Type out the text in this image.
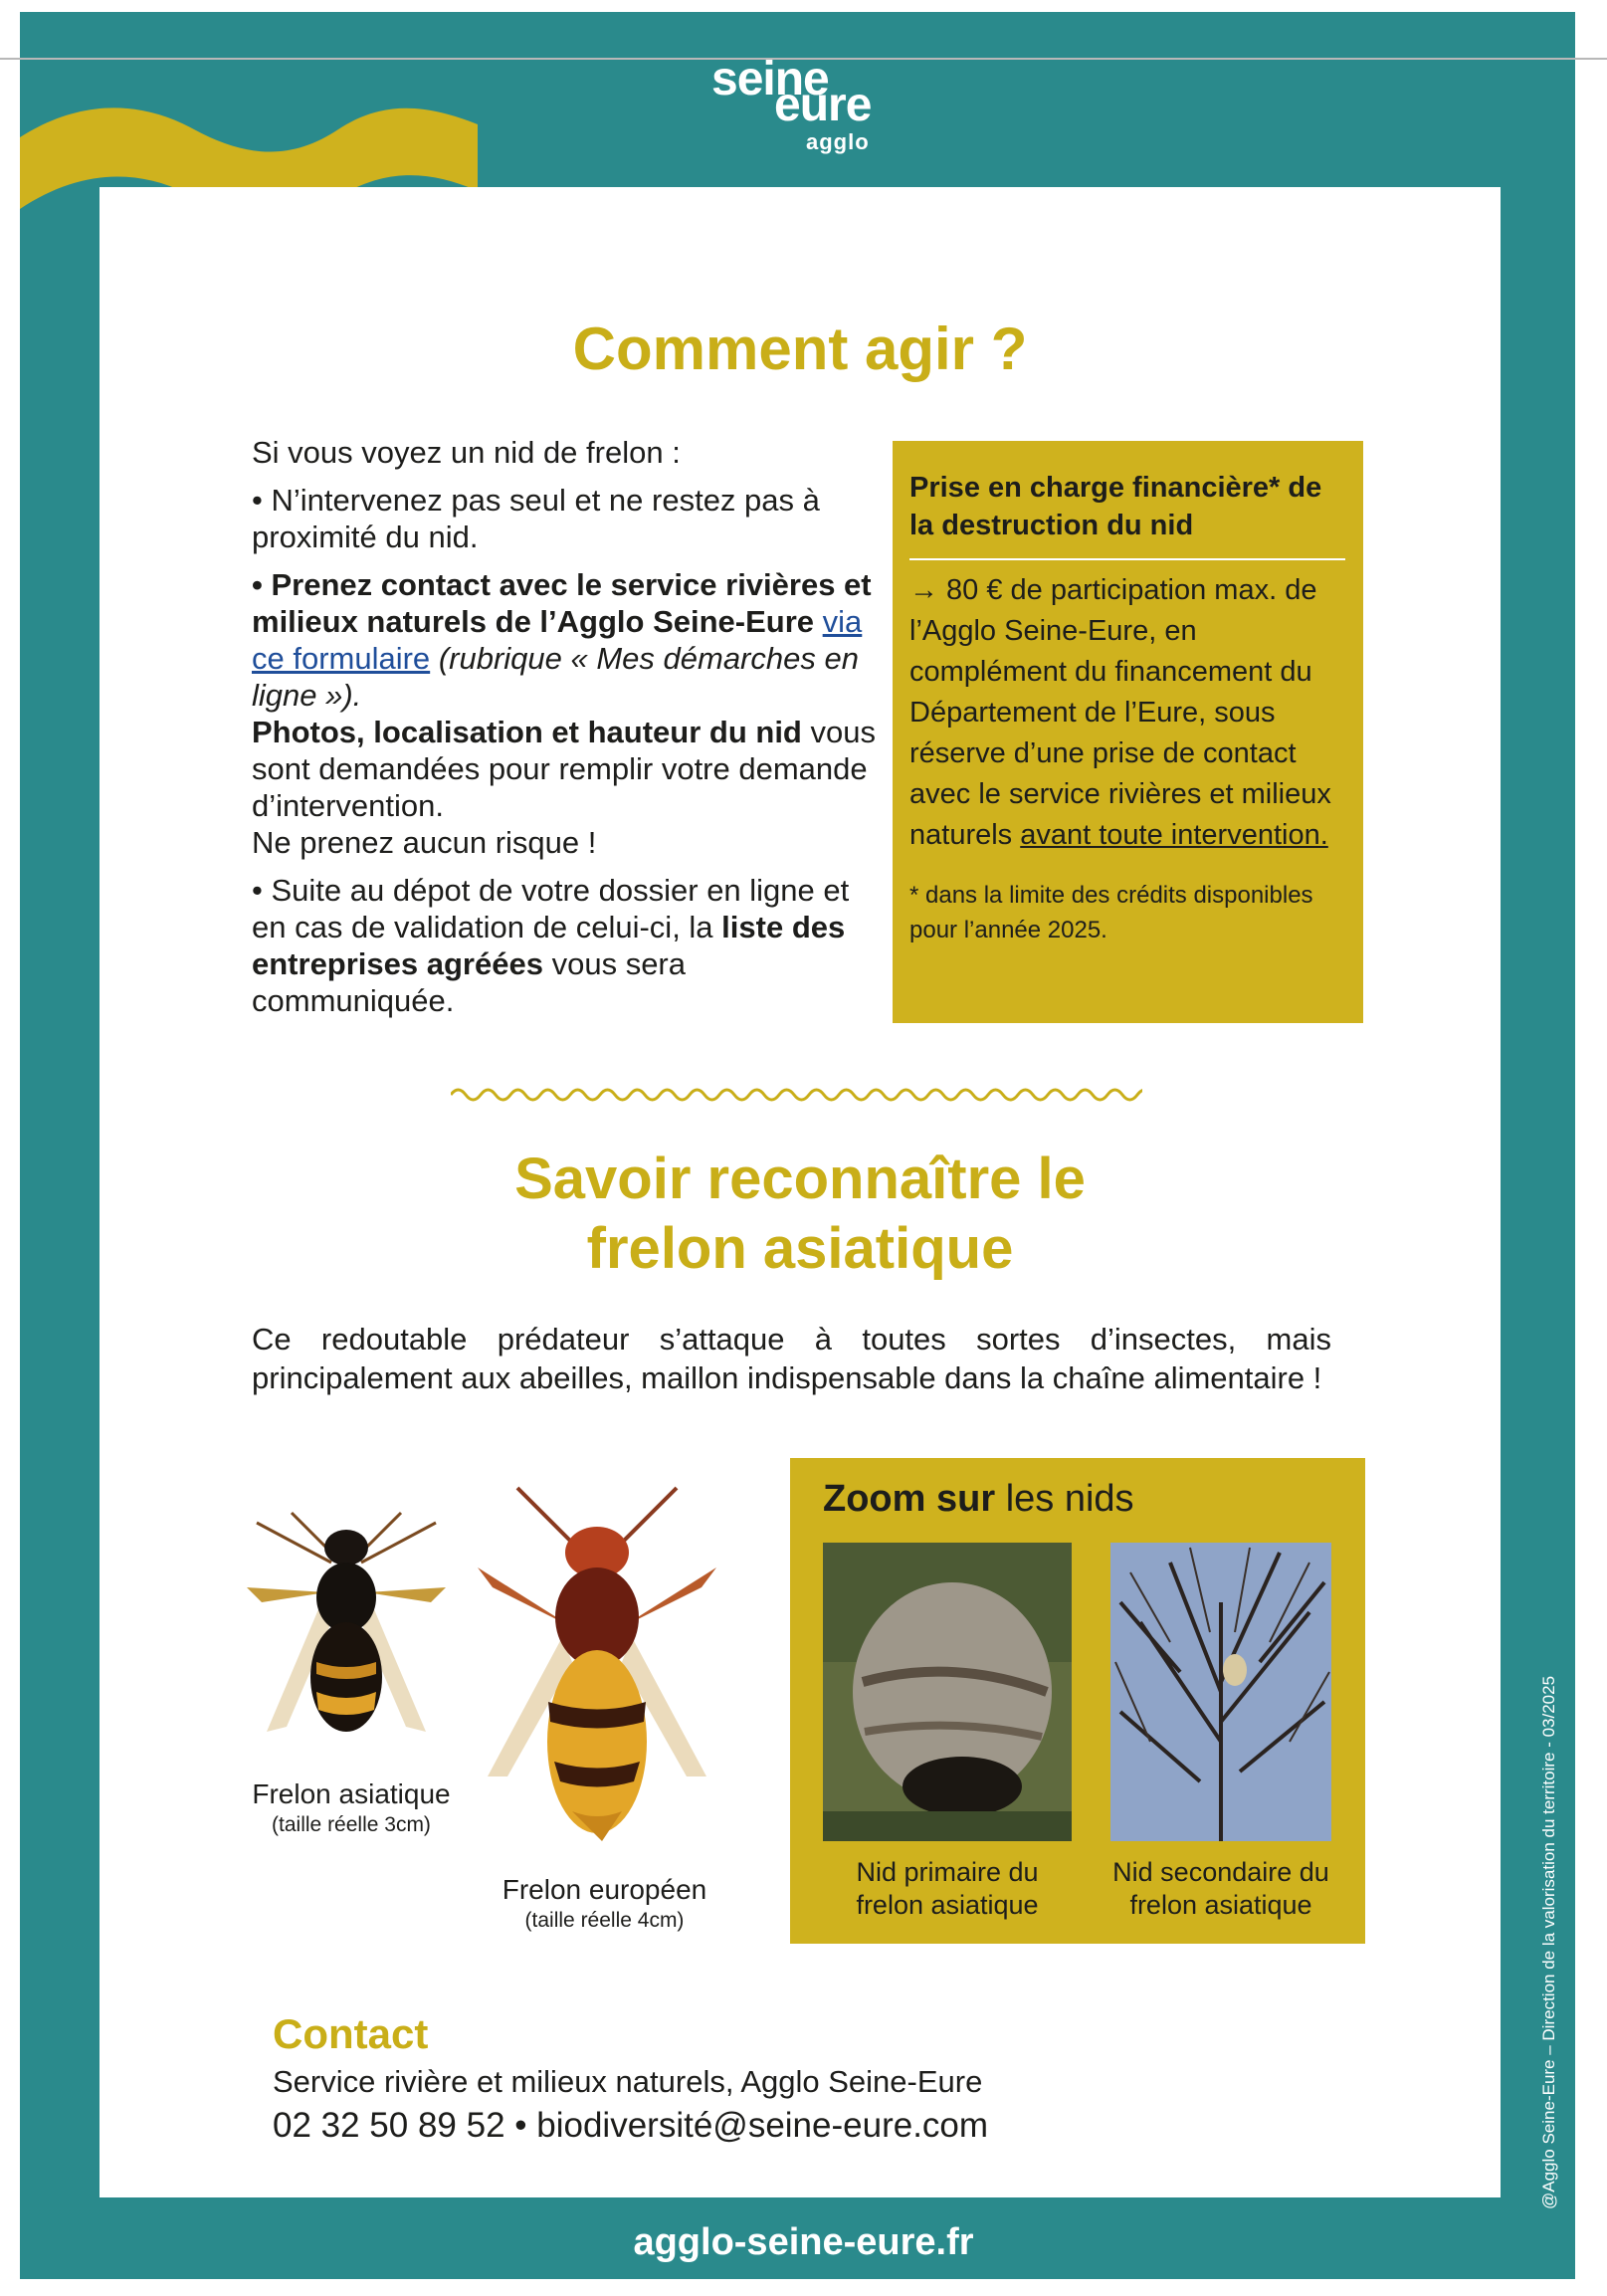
seine
eure
agglo
Comment agir ?

Si vous voyez un nid de frelon :

• N’intervenez pas seul et ne restez pas à proximité du nid.

• Prenez contact avec le service rivières et milieux naturels de l’Agglo Seine-Eure via ce formulaire (rubrique « Mes démarches en ligne »).
Photos, localisation et hauteur du nid vous sont demandées pour remplir votre demande d’intervention.
Ne prenez aucun risque !

• Suite au dépot de votre dossier en ligne et en cas de validation de celui-ci, la liste des entreprises agréées vous sera communiquée.

Prise en charge financière* de la destruction du nid
→ 80 € de participation max. de l’Agglo Seine-Eure, en complément du financement du Département de l’Eure, sous réserve d’une prise de contact avec le service rivières et milieux naturels avant toute intervention.
* dans la limite des crédits disponibles pour l’année 2025.
Savoir reconnaître le
frelon asiatique
Ce redoutable prédateur s’attaque à toutes sortes d’insectes, mais principalement aux abeilles, maillon indispensable dans la chaîne alimentaire !
Frelon asiatique
(taille réelle 3cm)
Frelon européen
(taille réelle 4cm)
Zoom sur les nids
Nid primaire du frelon asiatique
Nid secondaire du frelon asiatique
Contact
Service rivière et milieux naturels, Agglo Seine-Eure
02 32 50 89 52 • biodiversité@seine-eure.com
agglo-seine-eure.fr
@Agglo Seine-Eure – Direction de la valorisation du territoire - 03/2025
